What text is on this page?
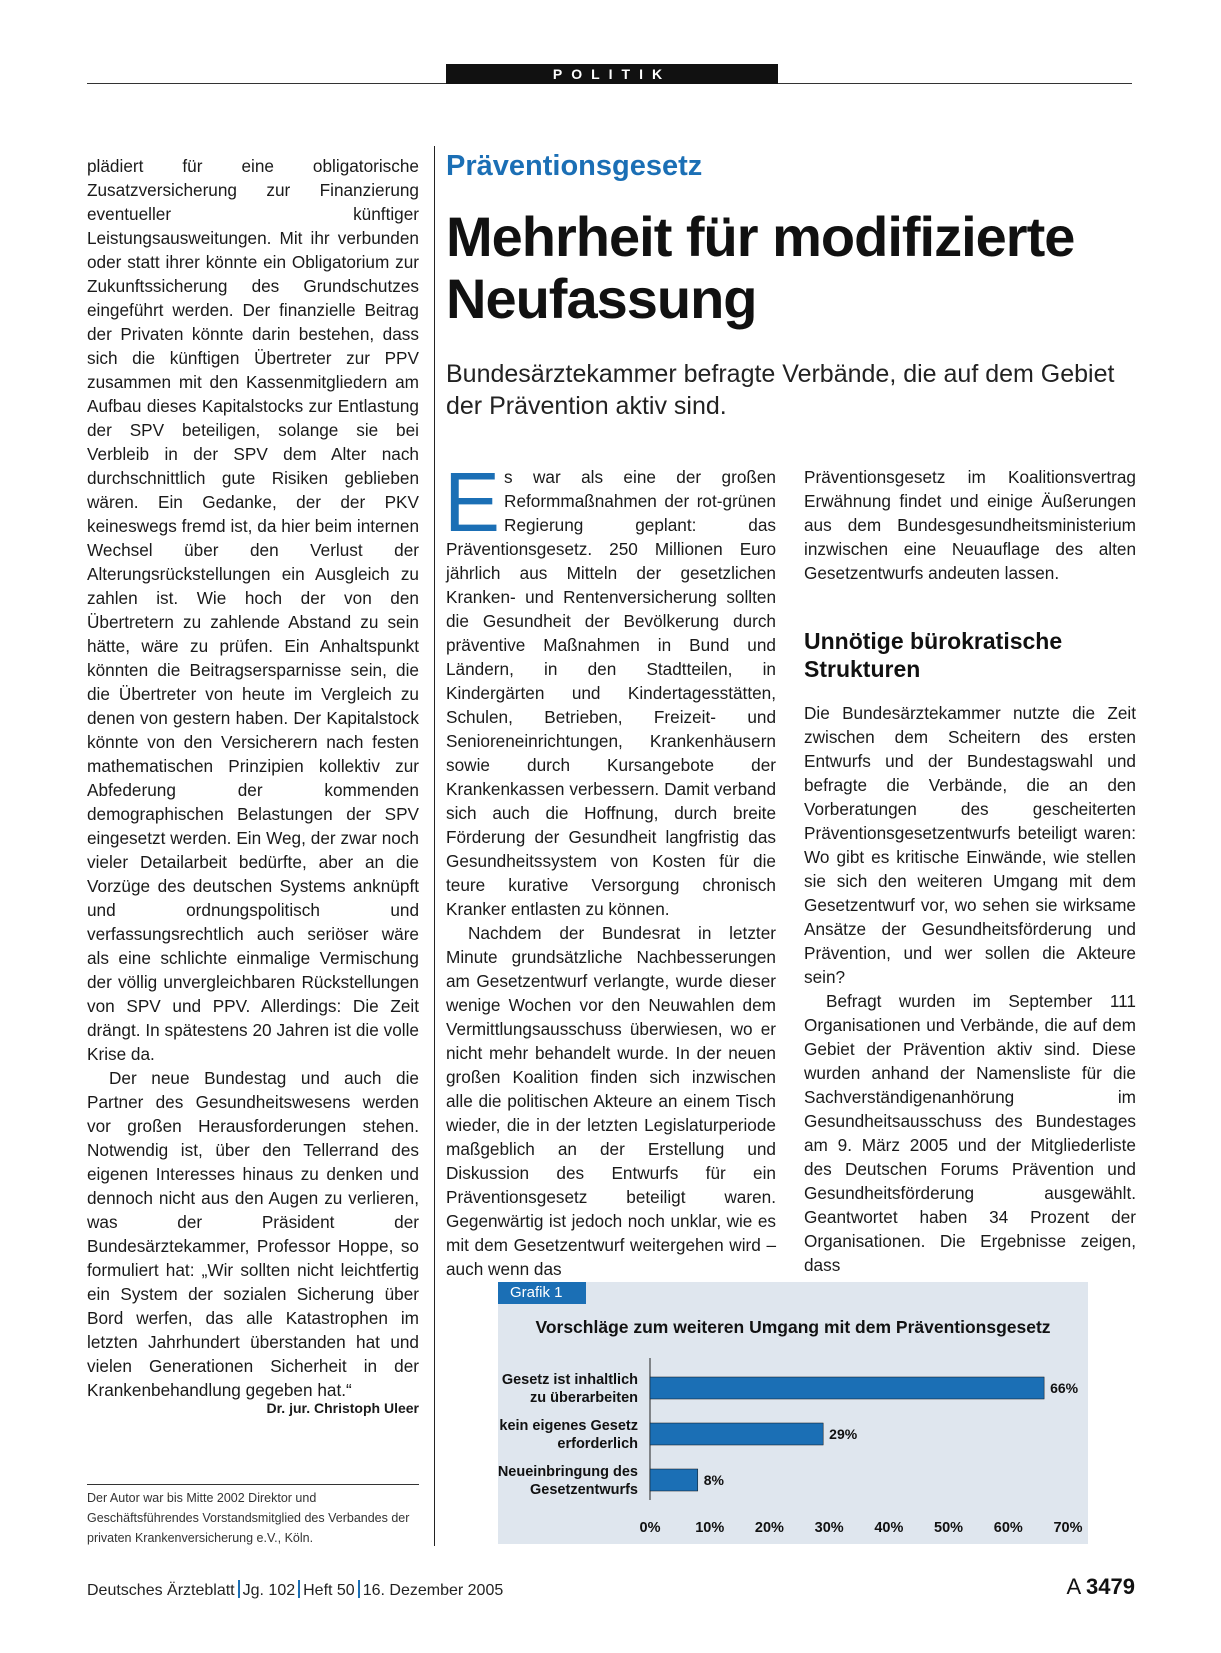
POLITIK

plädiert für eine obligatorische Zusatzversicherung zur Finanzierung eventueller künftiger Leistungsausweitungen. Mit ihr verbunden oder statt ihrer könnte ein Obligatorium zur Zukunftssicherung des Grundschutzes eingeführt werden. Der finanzielle Beitrag der Privaten könnte darin bestehen, dass sich die künftigen Übertreter zur PPV zusammen mit den Kassenmitgliedern am Aufbau dieses Kapitalstocks zur Entlastung der SPV beteiligen, solange sie bei Verbleib in der SPV dem Alter nach durchschnittlich gute Risiken geblieben wären. Ein Gedanke, der der PKV keineswegs fremd ist, da hier beim internen Wechsel über den Verlust der Alterungsrückstellungen ein Ausgleich zu zahlen ist. Wie hoch der von den Übertretern zu zahlende Abstand zu sein hätte, wäre zu prüfen. Ein Anhaltspunkt könnten die Beitragsersparnisse sein, die die Übertreter von heute im Vergleich zu denen von gestern haben. Der Kapitalstock könnte von den Versicherern nach festen mathematischen Prinzipien kollektiv zur Abfederung der kommenden demographischen Belastungen der SPV eingesetzt werden. Ein Weg, der zwar noch vieler Detailarbeit bedürfte, aber an die Vorzüge des deutschen Systems anknüpft und ordnungspolitisch und verfassungsrechtlich auch seriöser wäre als eine schlichte einmalige Vermischung der völlig unvergleichbaren Rückstellungen von SPV und PPV. Allerdings: Die Zeit drängt. In spätestens 20 Jahren ist die volle Krise da.

Der neue Bundestag und auch die Partner des Gesundheitswesens werden vor großen Herausforderungen stehen. Notwendig ist, über den Tellerrand des eigenen Interesses hinaus zu denken und dennoch nicht aus den Augen zu verlieren, was der Präsident der Bundesärztekammer, Professor Hoppe, so formuliert hat: „Wir sollten nicht leichtfertig ein System der sozialen Sicherung über Bord werfen, das alle Katastrophen im letzten Jahrhundert überstanden hat und vielen Generationen Sicherheit in der Krankenbehandlung gegeben hat.“

Dr. jur. Christoph Uleer
Der Autor war bis Mitte 2002 Direktor und Geschäftsführendes Vorstandsmitglied des Verbandes der privaten Krankenversicherung e.V., Köln.
Präventionsgesetz
Mehrheit für modifizierte Neufassung
Bundesärztekammer befragte Verbände, die auf dem Gebiet der Prävention aktiv sind.

Es war als eine der großen Reformmaßnahmen der rot-grünen Regierung geplant: das Präventionsgesetz. 250 Millionen Euro jährlich aus Mitteln der gesetzlichen Kranken- und Rentenversicherung sollten die Gesundheit der Bevölkerung durch präventive Maßnahmen in Bund und Ländern, in den Stadtteilen, in Kindergärten und Kindertagesstätten, Schulen, Betrieben, Freizeit- und Senioreneinrichtungen, Krankenhäusern sowie durch Kursangebote der Krankenkassen verbessern. Damit verband sich auch die Hoffnung, durch breite Förderung der Gesundheit langfristig das Gesundheitssystem von Kosten für die teure kurative Versorgung chronisch Kranker entlasten zu können.

Nachdem der Bundesrat in letzter Minute grundsätzliche Nachbesserungen am Gesetzentwurf verlangte, wurde dieser wenige Wochen vor den Neuwahlen dem Vermittlungsausschuss überwiesen, wo er nicht mehr behandelt wurde. In der neuen großen Koalition finden sich inzwischen alle die politischen Akteure an einem Tisch wieder, die in der letzten Legislaturperiode maßgeblich an der Erstellung und Diskussion des Entwurfs für ein Präventionsgesetz beteiligt waren. Gegenwärtig ist jedoch noch unklar, wie es mit dem Gesetzentwurf weitergehen wird – auch wenn das

Präventionsgesetz im Koalitionsvertrag Erwähnung findet und einige Äußerungen aus dem Bundesgesundheitsministerium inzwischen eine Neuauflage des alten Gesetzentwurfs andeuten lassen.

Unnötige bürokratische Strukturen

Die Bundesärztekammer nutzte die Zeit zwischen dem Scheitern des ersten Entwurfs und der Bundestagswahl und befragte die Verbände, die an den Vorberatungen des gescheiterten Präventionsgesetzentwurfs beteiligt waren: Wo gibt es kritische Einwände, wie stellen sie sich den weiteren Umgang mit dem Gesetzentwurf vor, wo sehen sie wirksame Ansätze der Gesundheitsförderung und Prävention, und wer sollen die Akteure sein?

Befragt wurden im September 111 Organisationen und Verbände, die auf dem Gebiet der Prävention aktiv sind. Diese wurden anhand der Namensliste für die Sachverständigenanhörung im Gesundheitsausschuss des Bundestages am 9. März 2005 und der Mitgliederliste des Deutschen Forums Prävention und Gesundheitsförderung ausgewählt. Geantwortet haben 34 Prozent der Organisationen. Die Ergebnisse zeigen, dass

Grafik 1
Vorschläge zum weiteren Umgang mit dem Präventionsgesetz
66%
Gesetz ist inhaltlich
zu überarbeiten
29%
kein eigenes Gesetz
erforderlich
8%
Neueinbringung des
Gesetzentwurfs
0% 10% 20% 30% 40% 50% 60% 70%
Deutsches Ärzteblatt Jg. 102 Heft 50 16. Dezember 2005	A 3479
